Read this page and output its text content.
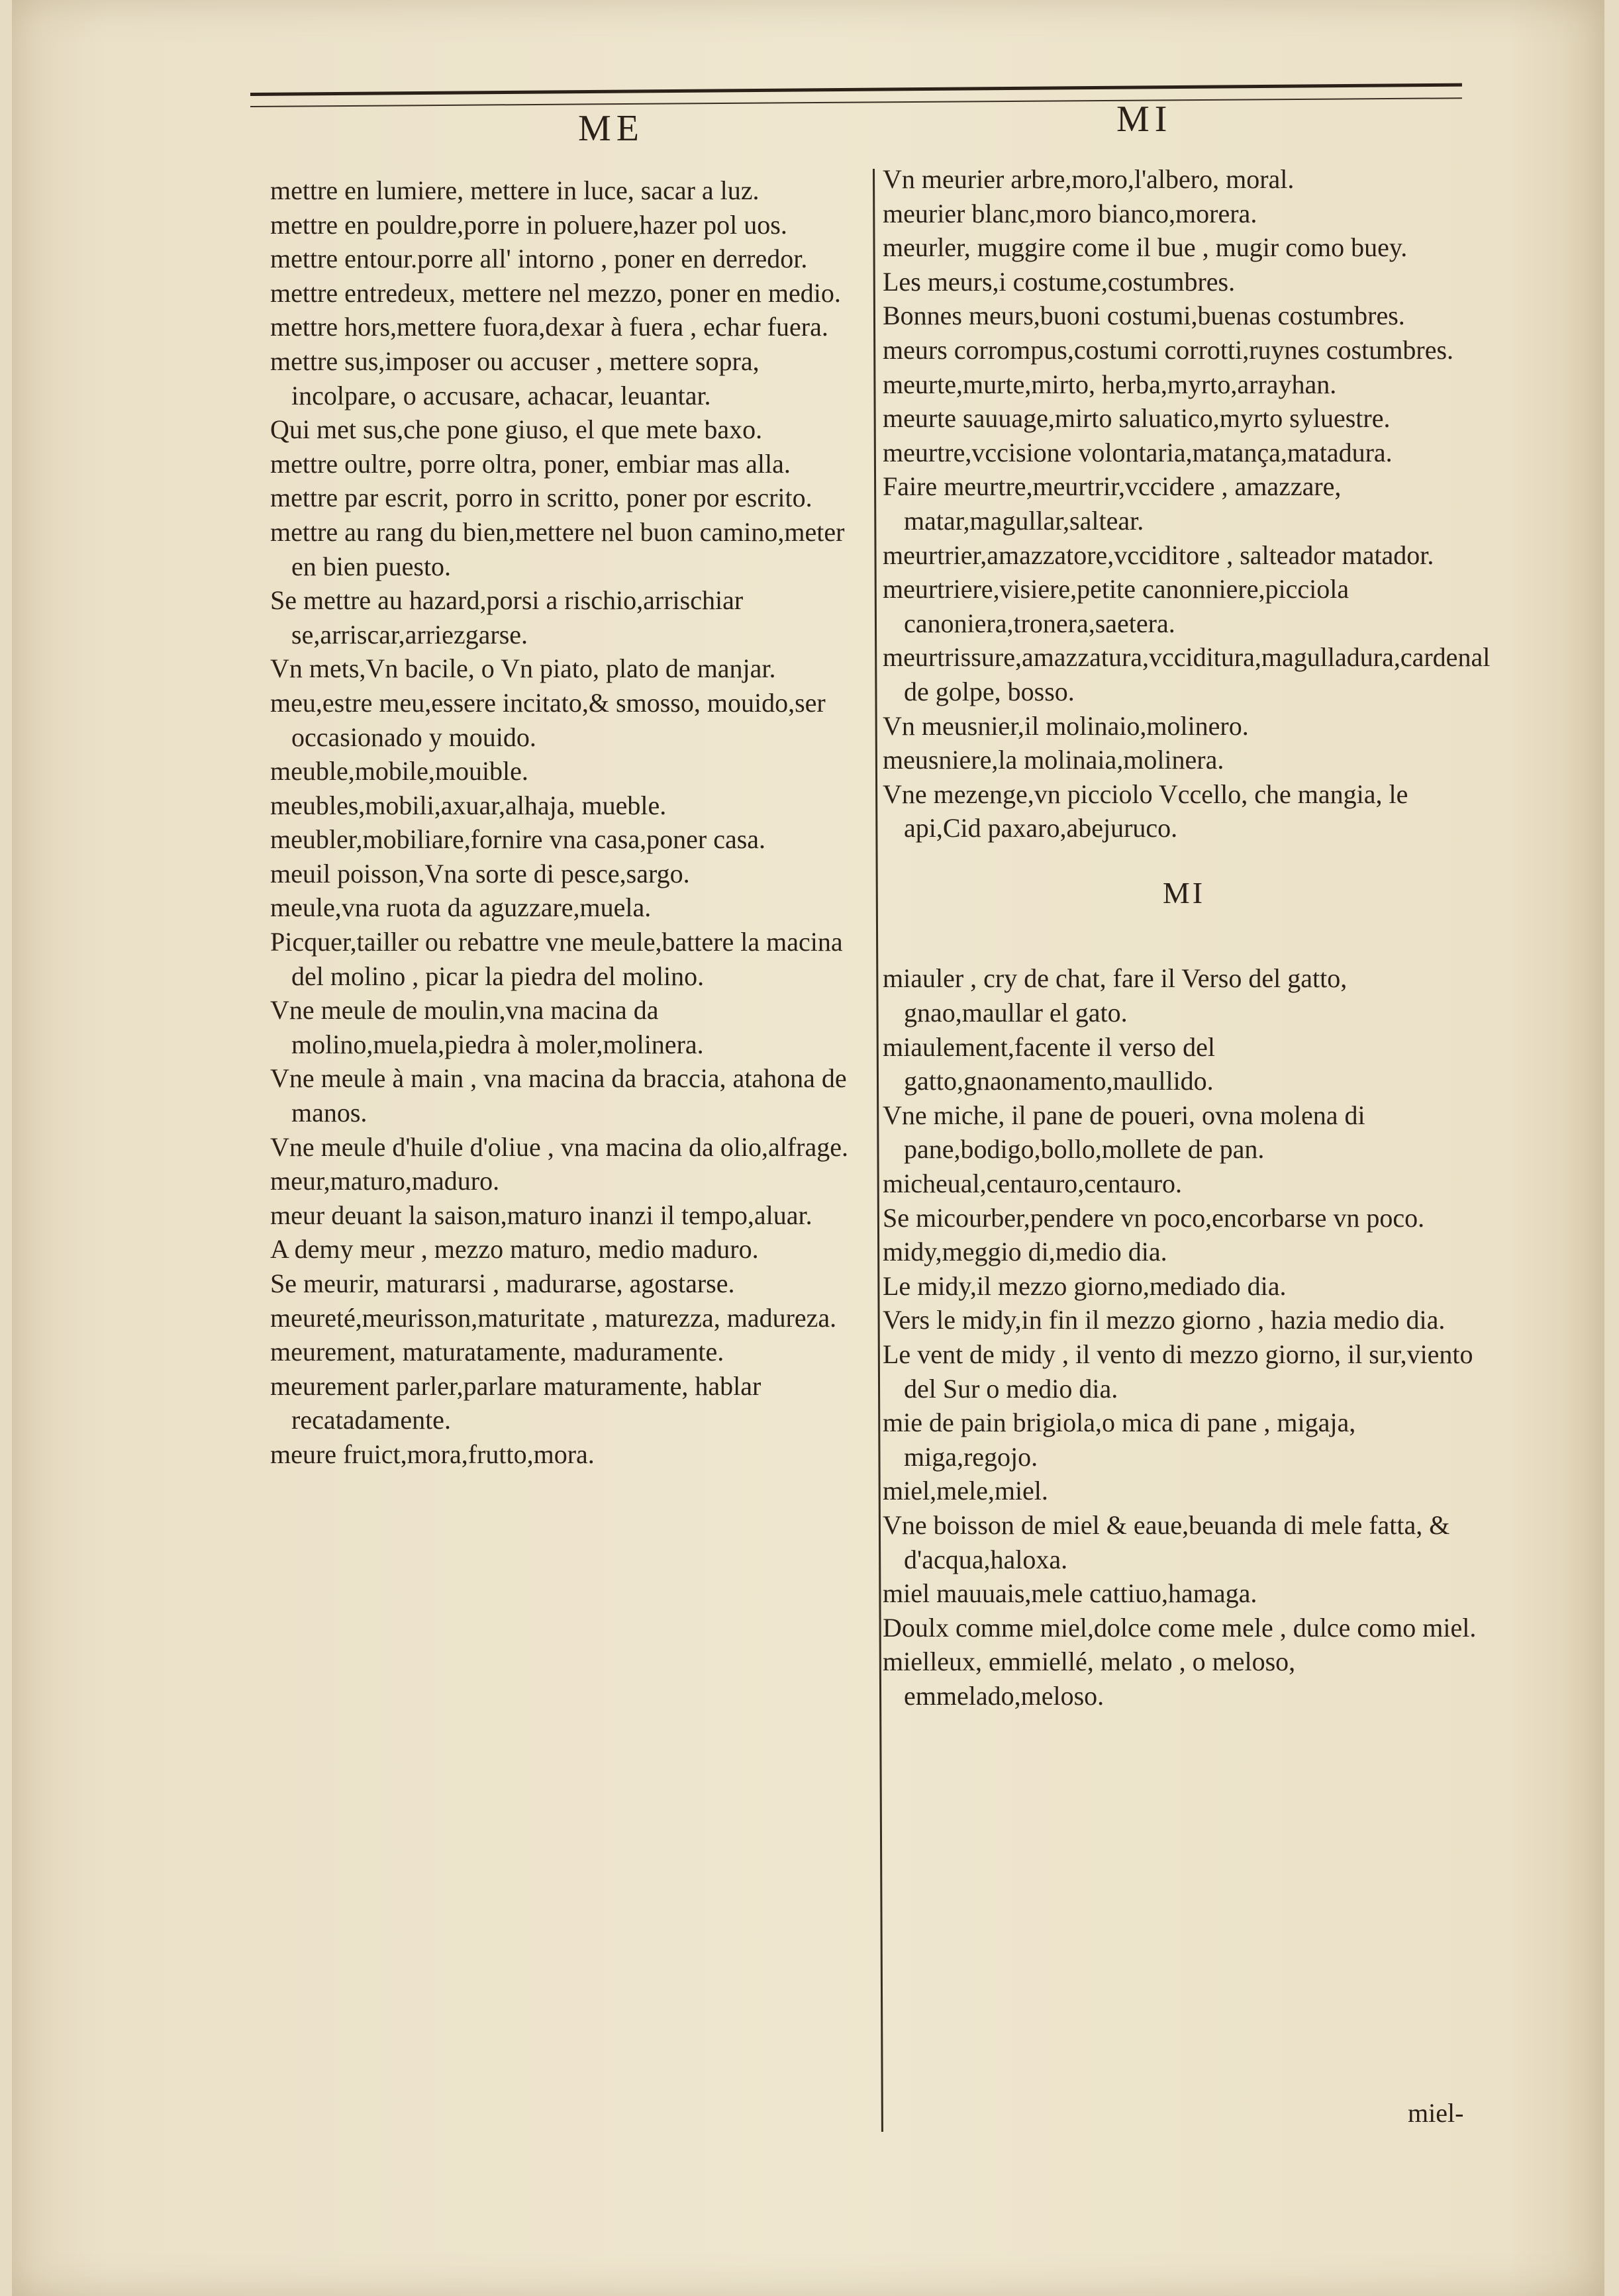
ME	MI

mettre en lumiere, mettere in luce, sacar a luz.

mettre en pouldre,porre in poluere,hazer pol uos.

mettre entour.porre all' intorno , poner en derredor.

mettre entredeux, mettere nel mezzo, poner en medio.

mettre hors,mettere fuora,dexar à fuera , echar fuera.

mettre sus,imposer ou accuser , mettere sopra, incolpare, o accusare, achacar, leuantar.

Qui met sus,che pone giuso, el que mete baxo.

mettre oultre, porre oltra, poner, embiar mas alla.

mettre par escrit, porro in scritto, poner por escrito.

mettre au rang du bien,mettere nel buon camino,meter en bien puesto.

Se mettre au hazard,porsi a rischio,arrischiar se,arriscar,arriezgarse.

Vn mets,Vn bacile, o Vn piato, plato de manjar.

meu,estre meu,essere incitato,& smosso, mouido,ser occasionado y mouido.

meuble,mobile,mouible.

meubles,mobili,axuar,alhaja, mueble.

meubler,mobiliare,fornire vna casa,poner casa.

meuil poisson,Vna sorte di pesce,sargo.

meule,vna ruota da aguzzare,muela.

Picquer,tailler ou rebattre vne meule,battere la macina del molino , picar la piedra del molino.

Vne meule de moulin,vna macina da molino,muela,piedra à moler,molinera.

Vne meule à main , vna macina da braccia, atahona de manos.

Vne meule d'huile d'oliue , vna macina da olio,alfrage.

meur,maturo,maduro.

meur deuant la saison,maturo inanzi il tempo,aluar.

A demy meur , mezzo maturo, medio maduro.

Se meurir, maturarsi , madurarse, agostarse.

meureté,meurisson,maturitate , maturezza, madureza.

meurement, maturatamente, maduramente.

meurement parler,parlare maturamente, hablar recatadamente.

meure fruict,mora,frutto,mora.

Vn meurier arbre,moro,l'albero, moral.

meurier blanc,moro bianco,morera.

meurler, muggire come il bue , mugir como buey.

Les meurs,i costume,costumbres.

Bonnes meurs,buoni costumi,buenas costumbres.

meurs corrompus,costumi corrotti,ruynes costumbres.

meurte,murte,mirto, herba,myrto,arrayhan.

meurte sauuage,mirto saluatico,myrto syluestre.

meurtre,vccisione volontaria,matança,matadura.

Faire meurtre,meurtrir,vccidere , amazzare, matar,magullar,saltear.

meurtrier,amazzatore,vcciditore , salteador matador.

meurtriere,visiere,petite canonniere,picciola canoniera,tronera,saetera.

meurtrissure,amazzatura,vcciditura,magulladura,cardenal de golpe, bosso.

Vn meusnier,il molinaio,molinero.

meusniere,la molinaia,molinera.

Vne mezenge,vn picciolo Vccello, che mangia, le api,Cid paxaro,abejuruco.

MI

miauler , cry de chat, fare il Verso del gatto, gnao,maullar el gato.

miaulement,facente il verso del gatto,gnaonamento,maullido.

Vne miche, il pane de poueri, ovna molena di pane,bodigo,bollo,mollete de pan.

micheual,centauro,centauro.

Se micourber,pendere vn poco,encorbarse vn poco.

midy,meggio di,medio dia.

Le midy,il mezzo giorno,mediado dia.

Vers le midy,in fin il mezzo giorno , hazia medio dia.

Le vent de midy , il vento di mezzo giorno, il sur,viento del Sur o medio dia.

mie de pain brigiola,o mica di pane , migaja, miga,regojo.

miel,mele,miel.

Vne boisson de miel & eaue,beuanda di mele fatta, & d'acqua,haloxa.

miel mauuais,mele cattiuo,hamaga.

Doulx comme miel,dolce come mele , dulce como miel.

mielleux, emmiellé, melato , o meloso, emmelado,meloso.

miel-
